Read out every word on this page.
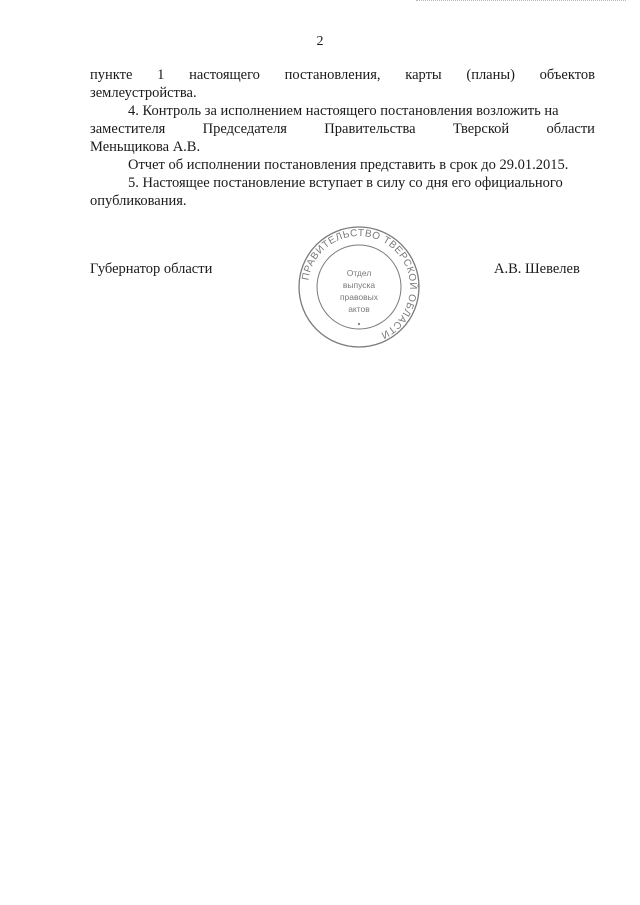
2
пункте 1 настоящего постановления, карты (планы) объектов
землеустройства.
4. Контроль за исполнением настоящего постановления возложить на
заместителя	Председателя	Правительства	Тверской	области
Меньщикова А.В.
Отчет об исполнении постановления представить в срок до 29.01.2015.
5. Настоящее постановление вступает в силу со дня его официального
опубликования.
Губернатор области	ПРАВИТЕЛЬСТВО ТВЕРСКОЙ ОБЛАСТИ
Отдел
выпуска
правовых
актов
А.В. Шевелев
